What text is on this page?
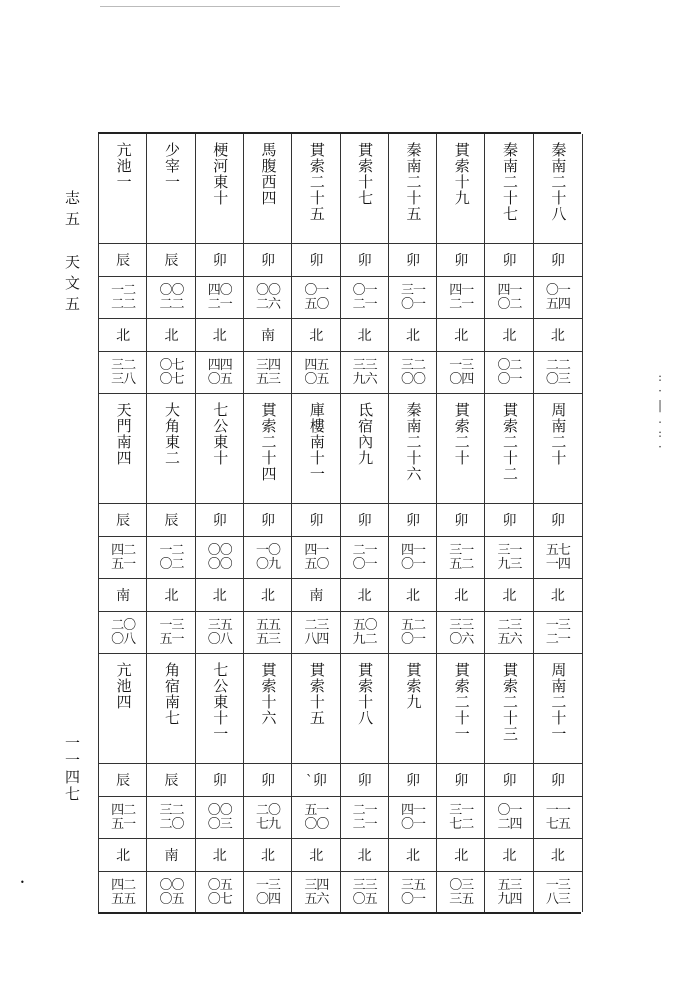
志五天文五
一一四七
亢池一
辰
一二
二二
北
三二
三八
天門南四
辰
四二
五一
南
二〇
〇八
亢池四
辰
四二
五一
北
四二
五五
少宰一
辰
〇〇
二二
北
〇七
〇七
大角東二
辰
一二
〇二
北
一三
五一
角宿南七
辰
三二
二〇
南
〇〇
〇五
梗河東十
卯
四〇
二一
北
四四
〇五
七公東十
卯
〇〇
〇〇
北
三五
〇八
七公東十一
卯
〇〇
〇三
北
〇五
〇七
馬腹西四
卯
〇〇
二六
南
三四
五三
貫索二十四
卯
一〇
〇九
北
五五
五三
貫索十六
卯
二〇
七九
北
一三
〇四
貫索二十五
卯
〇一
五〇
北
四五
〇五
庫樓南十一
卯
四一
五〇
南
二三
八四
貫索十五
`卯
五一
〇〇
北
三四
五六
貫索十七
卯
〇一
二一
北
三三
九六
氐宿內九
卯
二一
〇一
北
五〇
九二
貫索十八
卯
二一
二一
北
三三
〇五
秦南二十五
卯
三一
〇一
北
三二
〇〇
秦南二十六
卯
四一
〇一
北
五二
〇一
貫索九
卯
四一
〇一
北
三五
〇一
貫索十九
卯
四一
二一
北
一三
〇四
貫索二十
卯
三一
五二
北
三三
〇六
貫索二十一
卯
三一
七二
北
〇三
三五
秦南二十七
卯
四一
〇二
北
〇二
〇一
貫索二十二
卯
三一
九三
北
二三
五六
貫索二十三
卯
〇一
二四
北
五三
九四
秦南二十八
卯
〇一
五四
北
二二
〇三
周南二十
卯
五七
一四
北
一三
二一
周南二十一
卯
一一
七五
北
一三
八三
:·|.:·
•
